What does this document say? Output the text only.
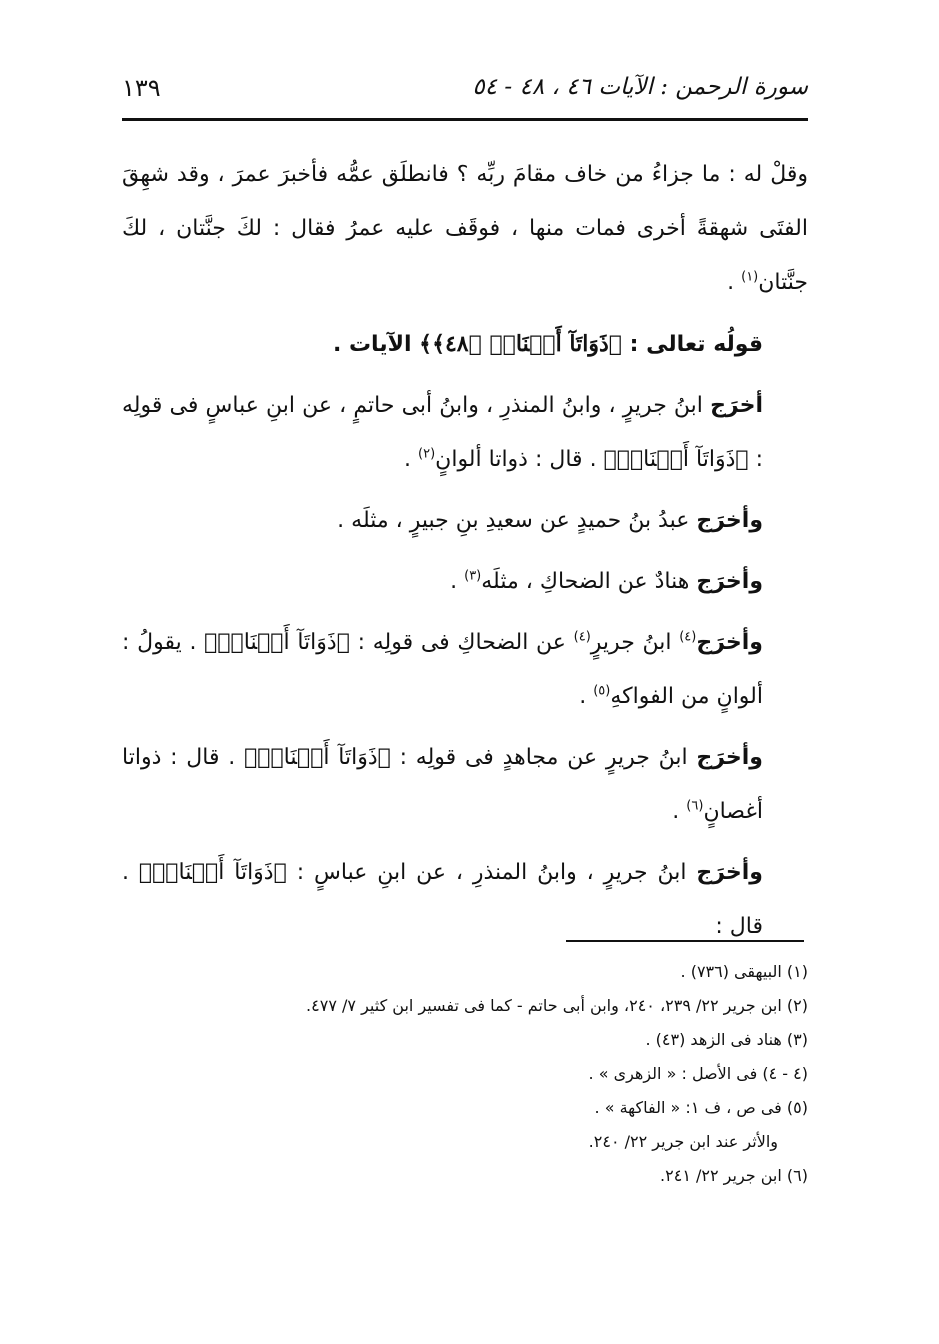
١٣٩	سورة الرحمن : الآيات ٤٦ ، ٤٨ - ٥٤

وقلْ له : ما جزاءُ من خاف مقامَ ربِّه ؟ فانطلَق عمُّه فأخبرَ عمرَ ، وقد شهِقَ الفتَى شهقةً أخرى فمات منها ، فوقَف عليه عمرُ فقال : لكَ جنَّتان ، لكَ جنَّتان$^{(١)}$ .

قولُه تعالى : ﴿ذَوَاتَآ أَفۡنَانٖ ﴿٤٨﴾﴾ الآيات .

أخرَج ابنُ جريرٍ ، وابنُ المنذرِ ، وابنُ أبى حاتمٍ ، عن ابنِ عباسٍ فى قولِه : ﴿ذَوَاتَآ أَفۡنَانٖ﴾ . قال : ذواتا ألوانٍ$^{(٢)}$ .

وأخرَج عبدُ بنُ حميدٍ عن سعيدِ بنِ جبيرٍ ، مثلَه .

وأخرَج هنادٌ عن الضحاكِ ، مثلَه$^{(٣)}$ .

وأخرَج$^{(٤)}$ ابنُ جريرٍ$^{(٤)}$ عن الضحاكِ فى قولِه : ﴿ذَوَاتَآ أَفۡنَانٖ﴾ . يقولُ : ألوانٍ من الفواكهِ$^{(٥)}$ .

وأخرَج ابنُ جريرٍ عن مجاهدٍ فى قولِه : ﴿ذَوَاتَآ أَفۡنَانٖ﴾ . قال : ذواتا أغصانٍ$^{(٦)}$ .

وأخرَج ابنُ جريرٍ ، وابنُ المنذرِ ، عن ابنِ عباسٍ : ﴿ذَوَاتَآ أَفۡنَانٖ﴾ . قال :

(١) البيهقى (٧٣٦) .

(٢) ابن جرير ٢٢/ ٢٣٩، ٢٤٠، وابن أبى حاتم - كما فى تفسير ابن كثير ٧/ ٤٧٧.

(٣) هناد فى الزهد (٤٣) .

(٤ - ٤) فى الأصل : « الزهرى » .

(٥) فى ص ، ف ١: « الفاكهة » .

والأثر عند ابن جرير ٢٢/ ٢٤٠.

(٦) ابن جرير ٢٢/ ٢٤١.
